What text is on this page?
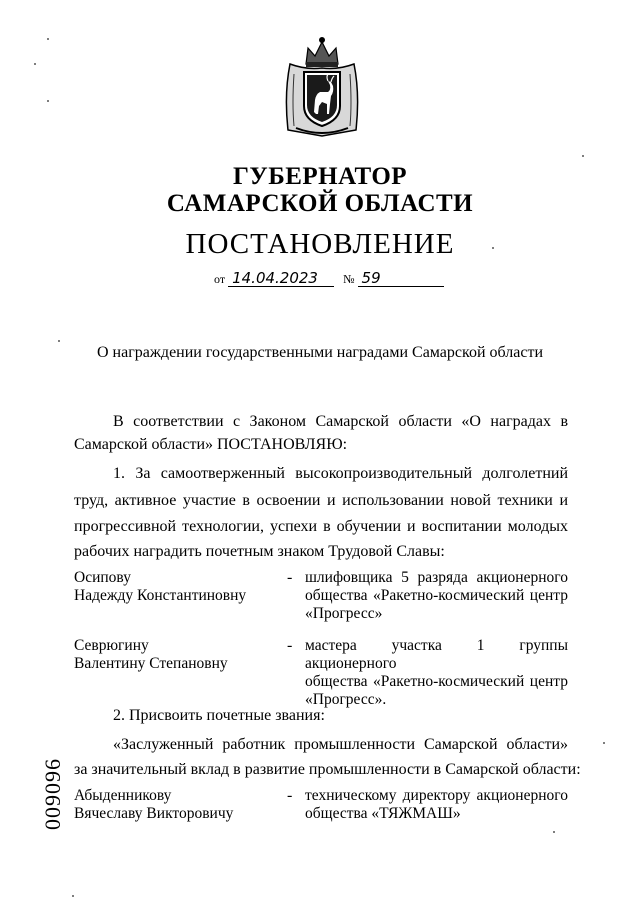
ГУБЕРНАТОР
САМАРСКОЙ ОБЛАСТИ
ПОСТАНОВЛЕНИЕ
от 14.04.2023 № 59
О награждении государственными наградами Самарской области
В соответствии с Законом Самарской области «О наградах в
Самарской области» ПОСТАНОВЛЯЮ:
1. За самоотверженный высокопроизводительный долголетний
труд, активное участие в освоении и использовании новой техники и
прогрессивной технологии, успехи в обучении и воспитании молодых
рабочих наградить почетным знаком Трудовой Славы:
Осипову
Надежду Константиновну
- шлифовщика 5 разряда акционерного
общества «Ракетно-космический центр
«Прогресс»
Севрюгину
Валентину Степановну
- мастера участка 1 группы акционерного
общества «Ракетно-космический центр
«Прогресс».
2. Присвоить почетные звания:
«Заслуженный работник промышленности Самарской области»
за значительный вклад в развитие промышленности в Самарской области:
Абыденникову
Вячеславу Викторовичу
- техническому директору акционерного
общества «ТЯЖМАШ»
009096
